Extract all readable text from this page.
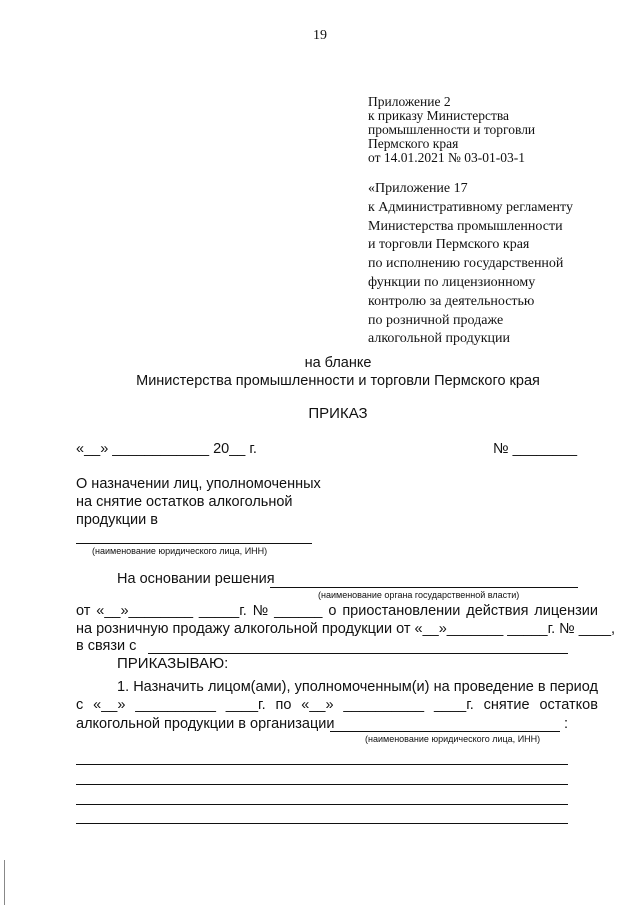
19
Приложение 2
к приказу Министерства
промышленности и торговли
Пермского края
от 14.01.2021 № 03-01-03-1
«Приложение 17
к Административному регламенту
Министерства промышленности
и торговли Пермского края
по исполнению государственной
функции по лицензионному
контролю за деятельностью
по розничной продаже
алкогольной продукции
на бланке
Министерства промышленности и торговли Пермского края
ПРИКАЗ
«__» ____________ 20__ г.	№ ________
О назначении лиц, уполномоченных
на снятие остатков алкогольной
продукции в
(наименование юридического лица, ИНН)
На основании решения
(наименование органа государственной власти)
от «__»________ _____г. № ______ о приостановлении действия лицензии
на розничную продажу алкогольной продукции от «__»_______ _____г. № ____,
в связи с
ПРИКАЗЫВАЮ:
1. Назначить лицом(ами), уполномоченным(и) на проведение в период
с «__» __________ ____г. по «__» __________ ____г. снятие остатков
алкогольной продукции в организации	:
(наименование юридического лица, ИНН)
